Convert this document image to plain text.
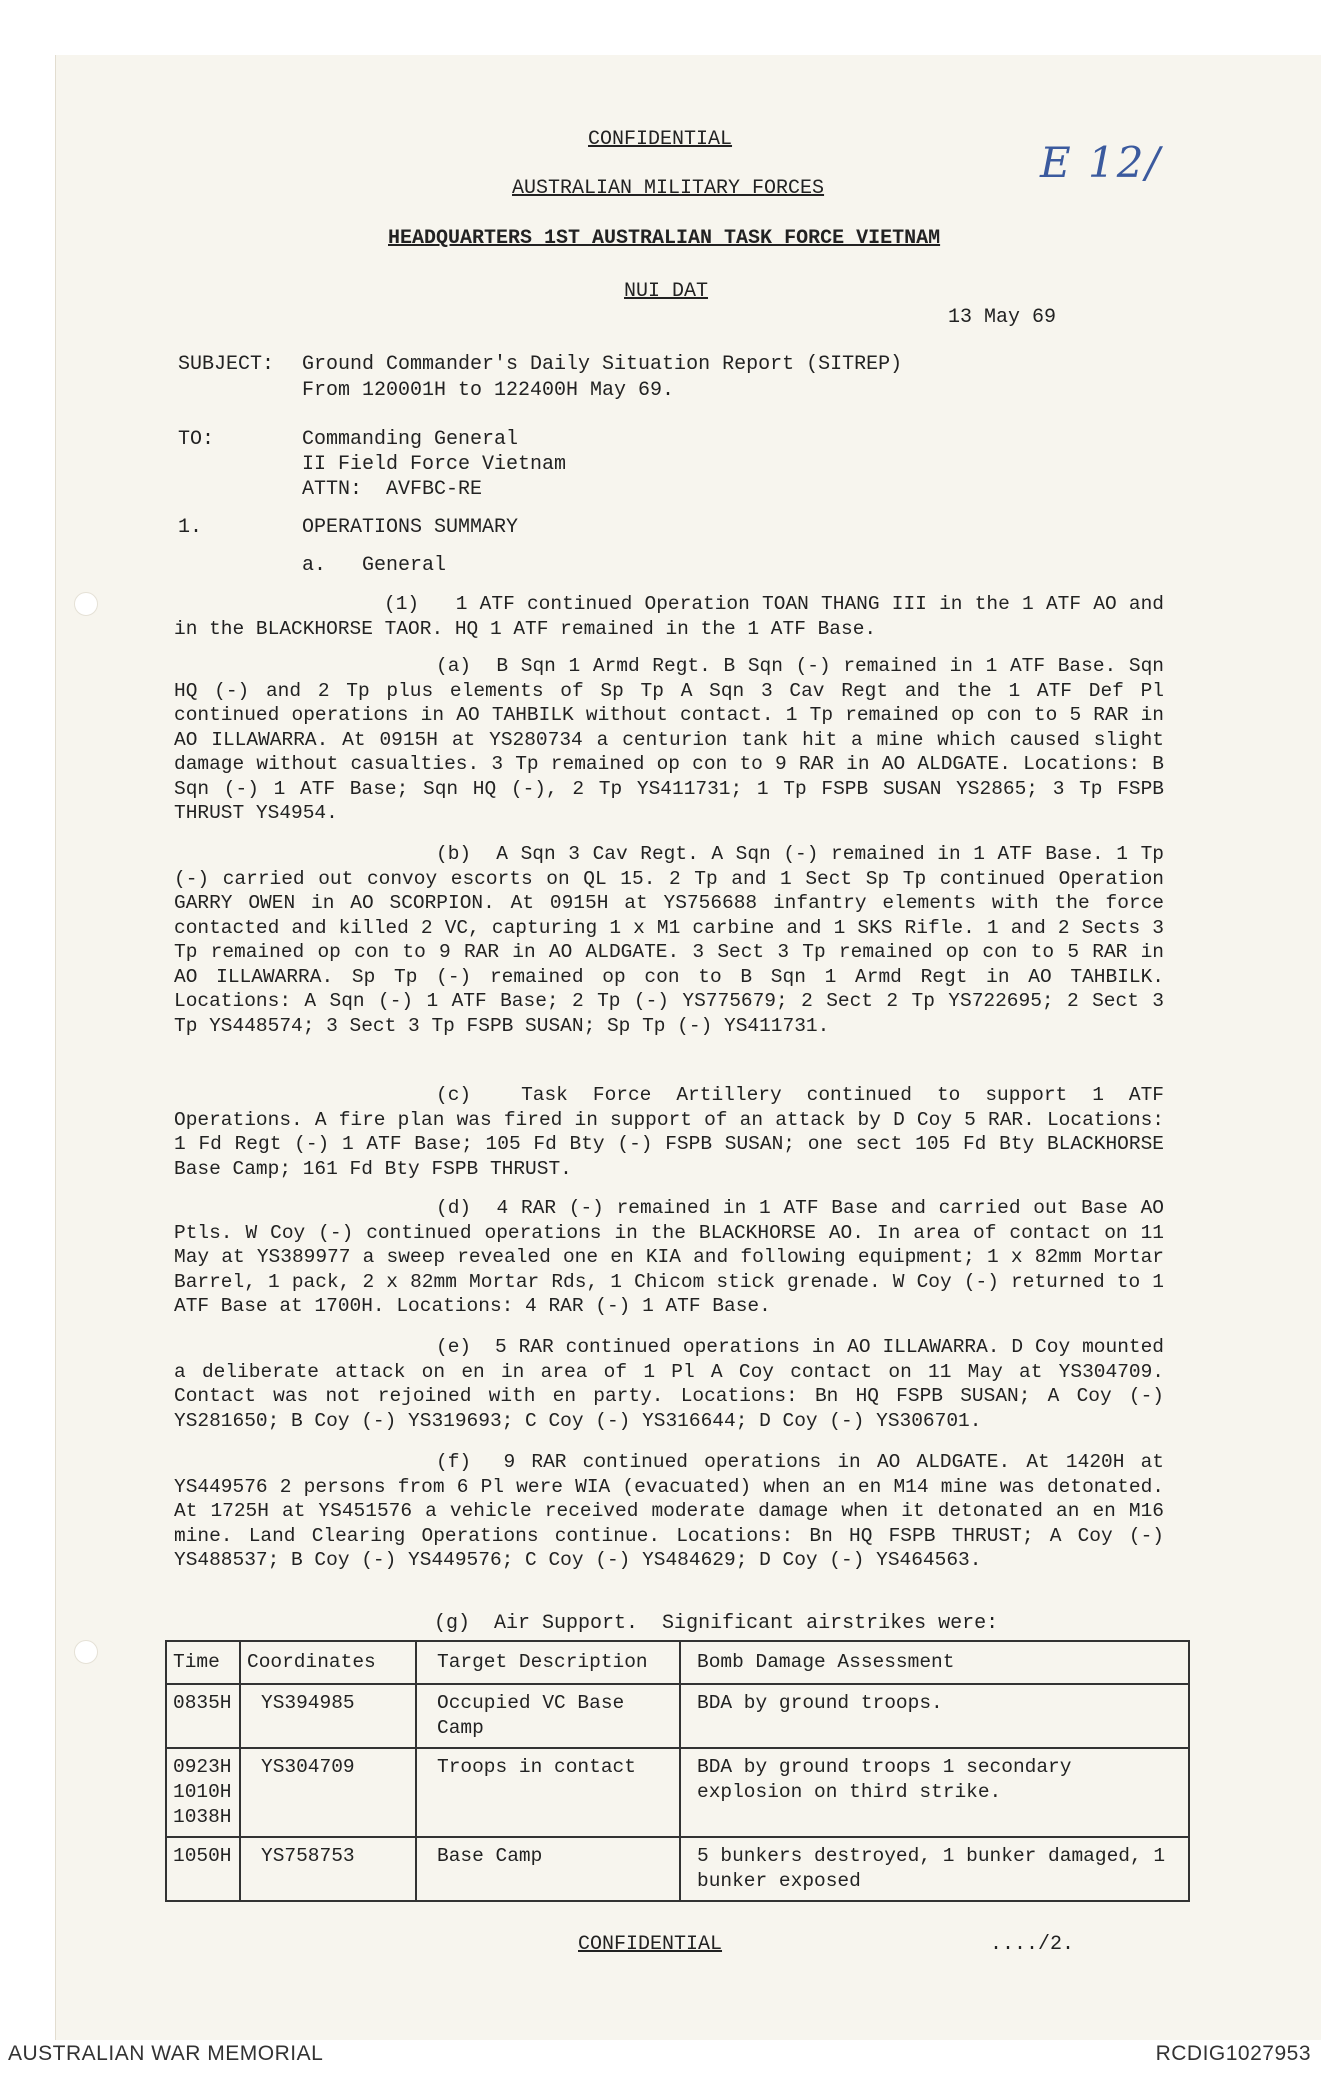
CONFIDENTIAL
AUSTRALIAN MILITARY FORCES
HEADQUARTERS 1ST AUSTRALIAN TASK FORCE VIETNAM
NUI DAT
13 May 69
E 12/
SUBJECT: Ground Commander's Daily Situation Report (SITREP)
From 120001H to 122400H May 69.
TO:	Commanding General
II Field Force Vietnam
ATTN:  AVFBC-RE
1.	OPERATIONS SUMMARY
a. General

(1) 1 ATF continued Operation TOAN THANG III in the 1 ATF AO and in the BLACKHORSE TAOR. HQ 1 ATF remained in the 1 ATF Base.

(a) B Sqn 1 Armd Regt. B Sqn (-) remained in 1 ATF Base. Sqn HQ (-) and 2 Tp plus elements of Sp Tp A Sqn 3 Cav Regt and the 1 ATF Def Pl continued operations in AO TAHBILK without contact. 1 Tp remained op con to 5 RAR in AO ILLAWARRA. At 0915H at YS280734 a centurion tank hit a mine which caused slight damage without casualties. 3 Tp remained op con to 9 RAR in AO ALDGATE. Locations: B Sqn (-) 1 ATF Base; Sqn HQ (-), 2 Tp YS411731; 1 Tp FSPB SUSAN YS2865; 3 Tp FSPB THRUST YS4954.

(b) A Sqn 3 Cav Regt. A Sqn (-) remained in 1 ATF Base. 1 Tp (-) carried out convoy escorts on QL 15. 2 Tp and 1 Sect Sp Tp continued Operation GARRY OWEN in AO SCORPION. At 0915H at YS756688 infantry elements with the force contacted and killed 2 VC, capturing 1 x M1 carbine and 1 SKS Rifle. 1 and 2 Sects 3 Tp remained op con to 9 RAR in AO ALDGATE. 3 Sect 3 Tp remained op con to 5 RAR in AO ILLAWARRA. Sp Tp (-) remained op con to B Sqn 1 Armd Regt in AO TAHBILK. Locations: A Sqn (-) 1 ATF Base; 2 Tp (-) YS775679; 2 Sect 2 Tp YS722695; 2 Sect 3 Tp YS448574; 3 Sect 3 Tp FSPB SUSAN; Sp Tp (-) YS411731.

(c)	Task Force Artillery continued to support 1 ATF Operations. A fire plan was fired in support of an attack by D Coy 5 RAR. Locations: 1 Fd Regt (-) 1 ATF Base; 105 Fd Bty (-) FSPB SUSAN; one sect 105 Fd Bty BLACKHORSE Base Camp; 161 Fd Bty FSPB THRUST.

(d) 4 RAR (-) remained in 1 ATF Base and carried out Base AO Ptls. W Coy (-) continued operations in the BLACKHORSE AO. In area of contact on 11 May at YS389977 a sweep revealed one en KIA and following equipment; 1 x 82mm Mortar Barrel, 1 pack, 2 x 82mm Mortar Rds, 1 Chicom stick grenade. W Coy (-) returned to 1 ATF Base at 1700H. Locations: 4 RAR (-) 1 ATF Base.

(e) 5 RAR continued operations in AO ILLAWARRA. D Coy mounted a deliberate attack on en in area of 1 Pl A Coy contact on 11 May at YS304709. Contact was not rejoined with en party. Locations: Bn HQ FSPB SUSAN; A Coy (-) YS281650; B Coy (-) YS319693; C Coy (-) YS316644; D Coy (-) YS306701.

(f) 9 RAR continued operations in AO ALDGATE. At 1420H at YS449576 2 persons from 6 Pl were WIA (evacuated) when an en M14 mine was detonated. At 1725H at YS451576 a vehicle received moderate damage when it detonated an en M16 mine. Land Clearing Operations continue. Locations: Bn HQ FSPB THRUST; A Coy (-) YS488537; B Coy (-) YS449576; C Coy (-) YS484629; D Coy (-) YS464563.

(g) Air Support.  Significant airstrikes were:
Time	Coordinates	Target Description	Bomb Damage Assessment
0835H	YS394985	Occupied VC Base Camp	BDA by ground troops.
0923H 1010H 1038H	YS304709	Troops in contact	BDA by ground troops 1 secondary explosion on third strike.
1050H	YS758753	Base Camp	5 bunkers destroyed, 1 bunker damaged, 1 bunker exposed
CONFIDENTIAL	..../2.
AUSTRALIAN WAR MEMORIAL	RCDIG1027953
